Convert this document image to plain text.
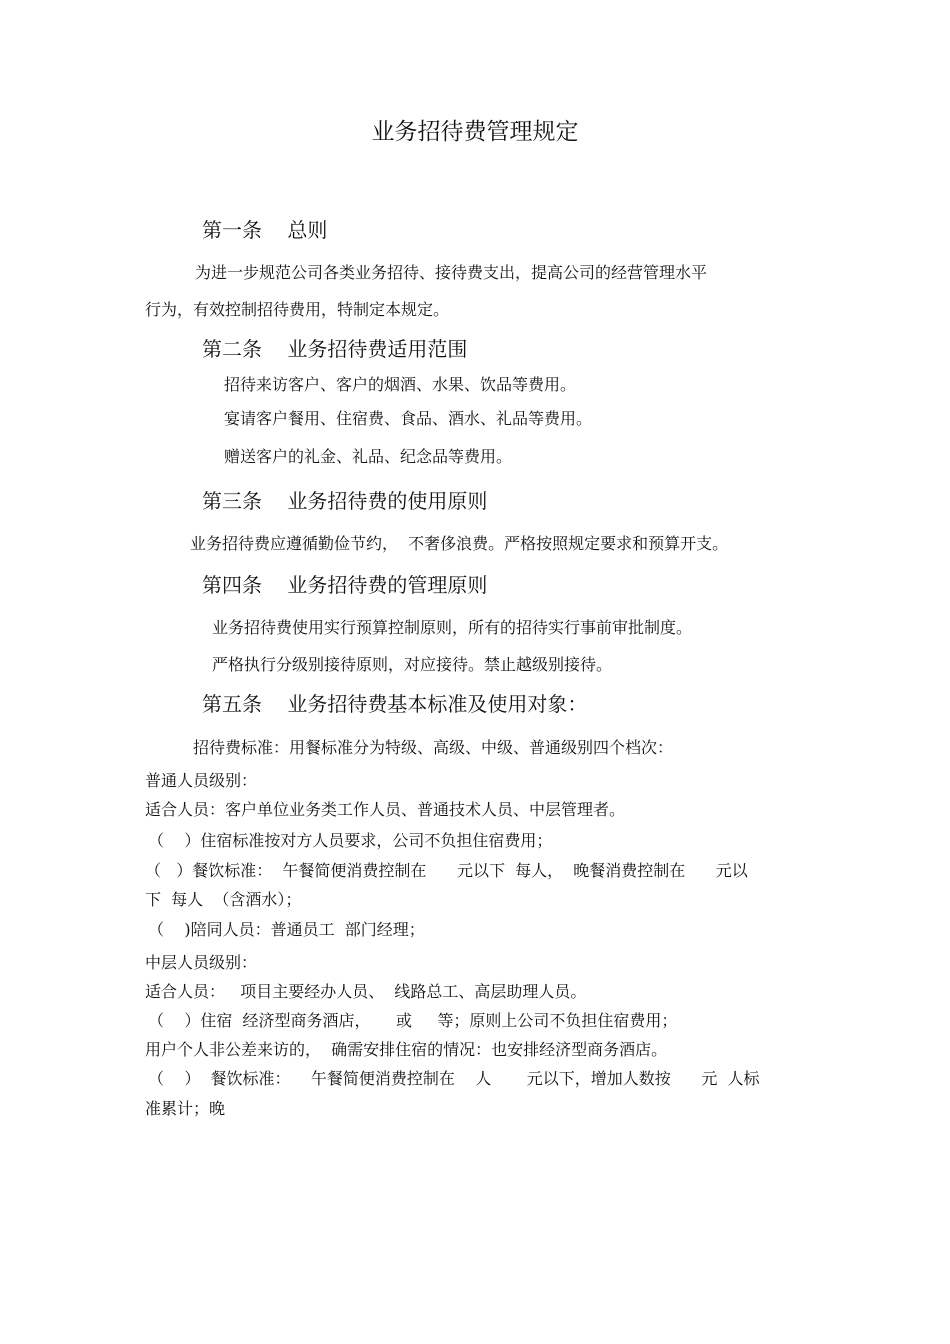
业务招待费管理规定
第一条    总则
为进一步规范公司各类业务招待、接待费支出，提高公司的经营管理水平
行为，有效控制招待费用，特制定本规定。
第二条    业务招待费适用范围
招待来访客户、客户的烟酒、水果、饮品等费用。
宴请客户餐用、住宿费、食品、酒水、礼品等费用。
赠送客户的礼金、礼品、纪念品等费用。
第三条    业务招待费的使用原则
业务招待费应遵循勤俭节约，  不奢侈浪费。严格按照规定要求和预算开支。
第四条    业务招待费的管理原则
业务招待费使用实行预算控制原则，所有的招待实行事前审批制度。
严格执行分级别接待原则，对应接待。禁止越级别接待。
第五条    业务招待费基本标准及使用对象：
招待费标准：用餐标准分为特级、高级、中级、普通级别四个档次：
普通人员级别：
适合人员：客户单位业务类工作人员、普通技术人员、中层管理者。
（    ）住宿标准按对方人员要求，公司不负担住宿费用；
（   ）餐饮标准：  午餐简便消费控制在      元以下  每人，  晚餐消费控制在      元以
下  每人  （含酒水）；
（    )陪同人员：普通员工  部门经理；
中层人员级别：
适合人员：   项目主要经办人员、  线路总工、高层助理人员。
（    ）住宿  经济型商务酒店，     或     等；原则上公司不负担住宿费用；
用户个人非公差来访的，  确需安排住宿的情况：也安排经济型商务酒店。
（    ）  餐饮标准：    午餐简便消费控制在    人       元以下，增加人数按      元  人标
准累计；晚
